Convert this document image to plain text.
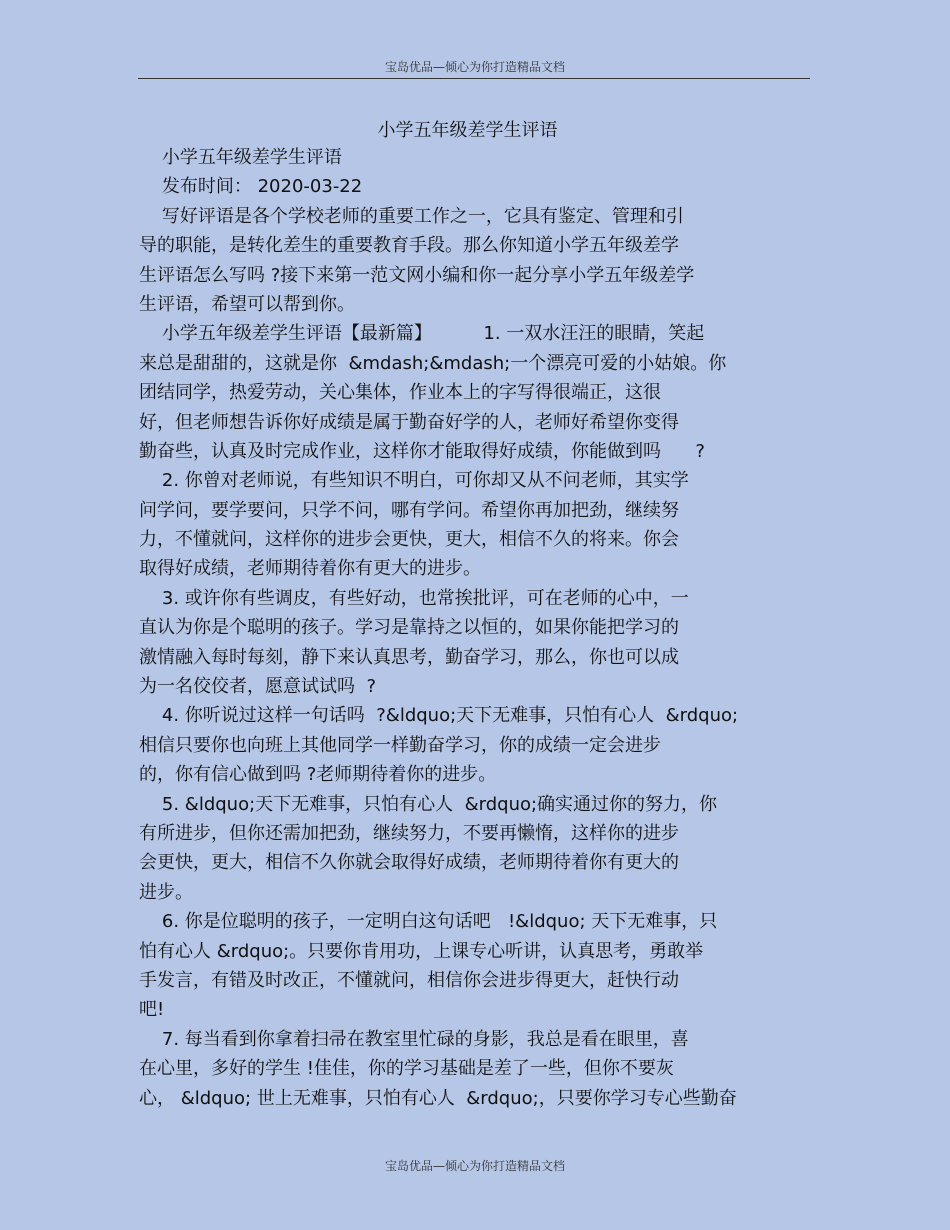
宝岛优品—倾心为你打造精品文档
小学五年级差学生评语
小学五年级差学生评语
发布时间： 2020-03-22
写好评语是各个学校老师的重要工作之一，它具有鉴定、管理和引
导的职能，是转化差生的重要教育手段。那么你知道小学五年级差学
生评语怎么写吗 ?接下来第一范文网小编和你一起分享小学五年级差学
生评语，希望可以帮到你。
小学五年级差学生评语【最新篇】         1. 一双水汪汪的眼睛，笑起
来总是甜甜的，这就是你  &mdash;&mdash;一个漂亮可爱的小姑娘。你
团结同学，热爱劳动，关心集体，作业本上的字写得很端正，这很
好，但老师想告诉你好成绩是属于勤奋好学的人，老师好希望你变得
勤奋些，认真及时完成作业，这样你才能取得好成绩，你能做到吗      ?
2. 你曾对老师说，有些知识不明白，可你却又从不问老师，其实学
问学问，要学要问，只学不问，哪有学问。希望你再加把劲，继续努
力，不懂就问，这样你的进步会更快，更大，相信不久的将来。你会
取得好成绩，老师期待着你有更大的进步。
3. 或许你有些调皮，有些好动，也常挨批评，可在老师的心中，一
直认为你是个聪明的孩子。学习是靠持之以恒的，如果你能把学习的
激情融入每时每刻，静下来认真思考，勤奋学习，那么，你也可以成
为一名佼佼者，愿意试试吗  ?
4. 你听说过这样一句话吗  ?&ldquo;天下无难事，只怕有心人  &rdquo;
相信只要你也向班上其他同学一样勤奋学习，你的成绩一定会进步
的，你有信心做到吗 ?老师期待着你的进步。
5. &ldquo;天下无难事，只怕有心人  &rdquo;确实通过你的努力，你
有所进步，但你还需加把劲，继续努力，不要再懒惰，这样你的进步
会更快，更大，相信不久你就会取得好成绩，老师期待着你有更大的
进步。
6. 你是位聪明的孩子，一定明白这句话吧   !&ldquo; 天下无难事，只
怕有心人 &rdquo;。只要你肯用功，上课专心听讲，认真思考，勇敢举
手发言，有错及时改正，不懂就问，相信你会进步得更大，赶快行动
吧!
7. 每当看到你拿着扫帚在教室里忙碌的身影，我总是看在眼里，喜
在心里，多好的学生 !佳佳，你的学习基础是差了一些，但你不要灰
心， &ldquo; 世上无难事，只怕有心人  &rdquo;，只要你学习专心些勤奋
宝岛优品—倾心为你打造精品文档
